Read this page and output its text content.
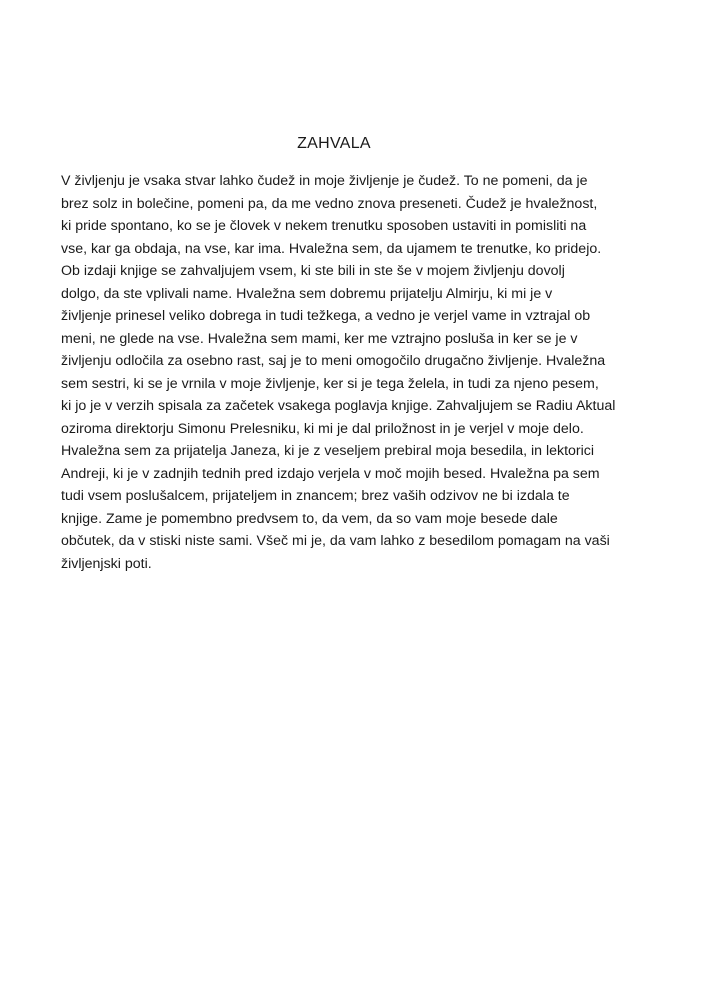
ZAHVALA

V življenju je vsaka stvar lahko čudež in moje življenje je čudež. To ne pomeni, da je
brez solz in bolečine, pomeni pa, da me vedno znova preseneti. Čudež je hvaležnost,
ki pride spontano, ko se je človek v nekem trenutku sposoben ustaviti in pomisliti na
vse, kar ga obdaja, na vse, kar ima. Hvaležna sem, da ujamem te trenutke, ko pridejo.
Ob izdaji knjige se zahvaljujem vsem, ki ste bili in ste še v mojem življenju dovolj
dolgo, da ste vplivali name. Hvaležna sem dobremu prijatelju Almirju, ki mi je v
življenje prinesel veliko dobrega in tudi težkega, a vedno je verjel vame in vztrajal ob
meni, ne glede na vse. Hvaležna sem mami, ker me vztrajno posluša in ker se je v
življenju odločila za osebno rast, saj je to meni omogočilo drugačno življenje. Hvaležna
sem sestri, ki se je vrnila v moje življenje, ker si je tega želela, in tudi za njeno pesem,
ki jo je v verzih spisala za začetek vsakega poglavja knjige. Zahvaljujem se Radiu Aktual
oziroma direktorju Simonu Prelesniku, ki mi je dal priložnost in je verjel v moje delo.
Hvaležna sem za prijatelja Janeza, ki je z veseljem prebiral moja besedila, in lektorici
Andreji, ki je v zadnjih tednih pred izdajo verjela v moč mojih besed. Hvaležna pa sem
tudi vsem poslušalcem, prijateljem in znancem; brez vaših odzivov ne bi izdala te
knjige. Zame je pomembno predvsem to, da vem, da so vam moje besede dale
občutek, da v stiski niste sami. Všeč mi je, da vam lahko z besedilom pomagam na vaši
življenjski poti.
